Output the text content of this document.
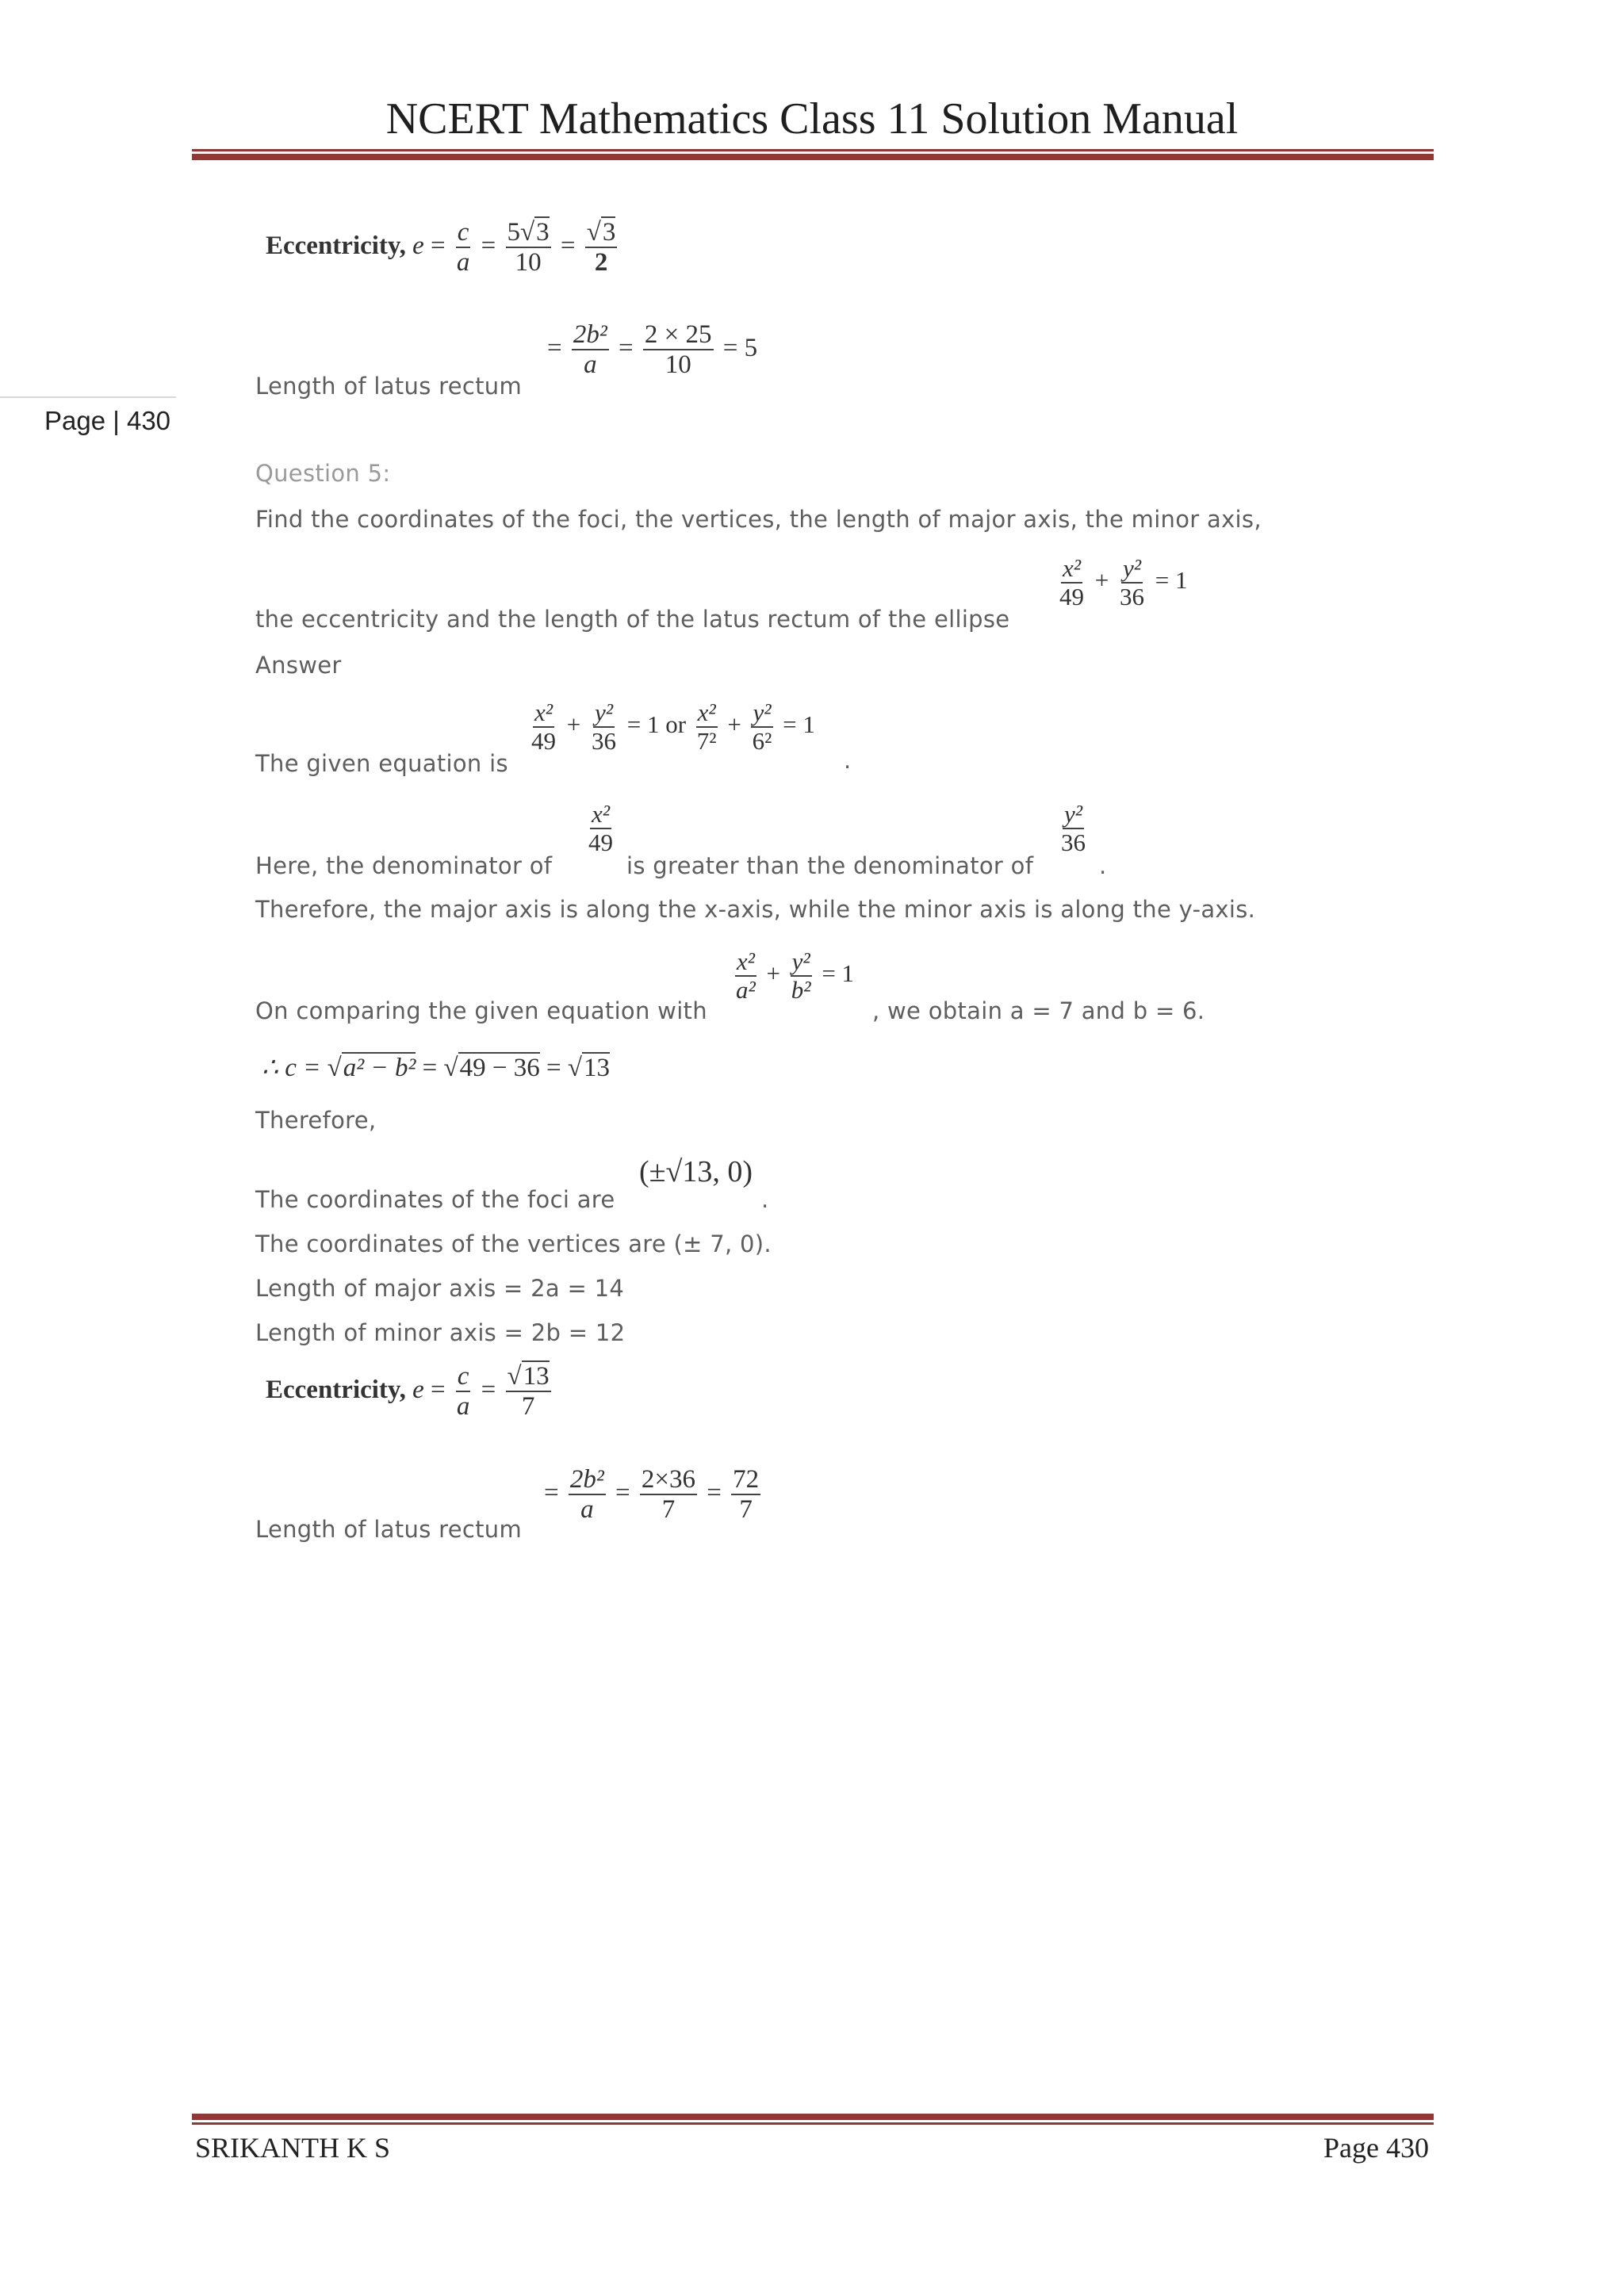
NCERT Mathematics Class 11 Solution Manual
Page | 430
Eccentricity, $e = \frac{c}{a} = \frac{5√3}{10} = \frac{√3}{2}$
Length of latus rectum
= $\frac{\text{2b²}}{a} = \frac{2 \times 25}{10} = 5$
Question 5:
Find the coordinates of the foci, the vertices, the length of major axis, the minor axis,
the eccentricity and the length of the latus rectum of the ellipse
$\frac{\text{x²}}{49} + \frac{\text{y²}}{36} = 1$
Answer
The given equation is
$\frac{\text{x²}}{49} + \frac{\text{y²}}{36} = 1$ or $\frac{\text{x²}}{\text{7²}} + \frac{\text{y²}}{\text{6²}} = 1$
.
Here, the denominator of
$\frac{\text{x²}}{49}$
is greater than the denominator of
$\frac{\text{y²}}{36}$
.
Therefore, the major axis is along the x-axis, while the minor axis is along the y-axis.
On comparing the given equation with
$\frac{\text{x²}}{\text{a²}} + \frac{\text{y²}}{\text{b²}} = 1$
, we obtain a = 7 and b = 6.
∴ c = √a² − b² = √49 − 36 = √13
Therefore,
The coordinates of the foci are
(±√13, 0)
.
The coordinates of the vertices are (± 7, 0).
Length of major axis = 2a = 14
Length of minor axis = 2b = 12
Eccentricity, $e = \frac{c}{a} = \frac{√13}{7}$
Length of latus rectum
= $\frac{\text{2b²}}{a} = \frac{2\times 36}{7} = \frac{72}{7}$
SRIKANTH K S	Page 430
